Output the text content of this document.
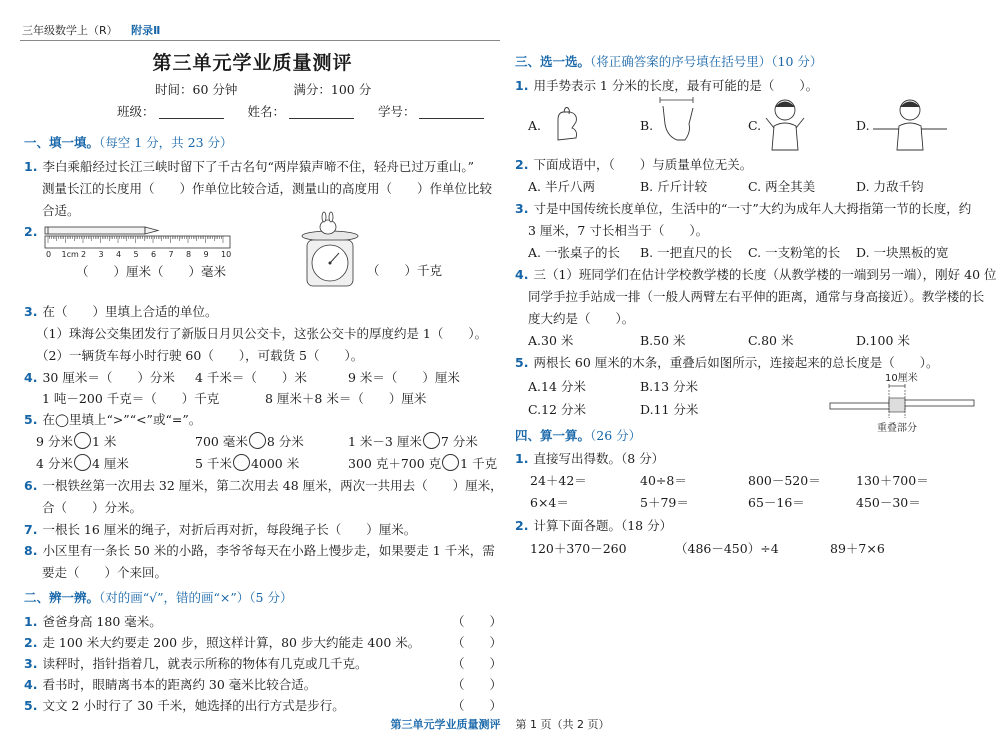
三年级数学上（R） 附录Ⅱ
第三单元学业质量测评
时间：60 分钟	满分：100 分
班级：	姓名：	学号：
一、填一填。（每空 1 分，共 23 分）
1. 李白乘船经过长江三峡时留下了千古名句“两岸猿声啼不住，轻舟已过万重山。”
测量长江的长度用（　　）作单位比较合适，测量山的高度用（　　）作单位比较
合适。
2.
0 1cm 2 3 4 5 6 7 8 9 10
（　　）厘米（　　）毫米	（　　）千克
3. 在（　　）里填上合适的单位。
（1）珠海公交集团发行了新版日月贝公交卡，这张公交卡的厚度约是 1（　　）。
（2）一辆货车每小时行驶 60（　　），可载货 5（　　）。
4. 30 厘米＝（　　）分米 4 千米＝（　　）米	9 米＝（　　）厘米
1 吨－200 千克＝（　　）千克	8 厘米＋8 米＝（　　）厘米
5. 在◯里填上“>”“<”或“=”。
9 分米 1 米	700 毫米 8 分米	1 米－3 厘米 7 分米
4 分米 4 厘米	5 千米 4000 米	300 克＋700 克 1 千克
6. 一根铁丝第一次用去 32 厘米，第二次用去 48 厘米，两次一共用去（　　）厘米，
合（　　）分米。
7. 一根长 16 厘米的绳子，对折后再对折，每段绳子长（　　）厘米。
8. 小区里有一条长 50 米的小路，李爷爷每天在小路上慢步走，如果要走 1 千米，需
要走（　　）个来回。
二、辨一辨。（对的画“√”，错的画“×”）（5 分）
1. 爸爸身高 180 毫米。	（　　）
2. 走 100 米大约要走 200 步，照这样计算，80 步大约能走 400 米。	（　　）
3. 读秤时，指针指着几，就表示所称的物体有几克或几千克。	（　　）
4. 看书时，眼睛离书本的距离约 30 毫米比较合适。	（　　）
5. 文文 2 小时行了 30 千米，她选择的出行方式是步行。	（　　）
三、选一选。（将正确答案的序号填在括号里）（10 分）
1. 用手势表示 1 分米的长度，最有可能的是（　　）。
A.	B.	C.	D.
2. 下面成语中，（　　）与质量单位无关。
A. 半斤八两	B. 斤斤计较	C. 两全其美	D. 力敌千钧
3. 寸是中国传统长度单位，生活中的“一寸”大约为成年人大拇指第一节的长度，约
3 厘米，7 寸长相当于（　　）。
A. 一张桌子的长 B. 一把直尺的长 C. 一支粉笔的长 D. 一块黑板的宽
4. 三（1）班同学们在估计学校教学楼的长度（从教学楼的一端到另一端），刚好 40 位
同学手拉手站成一排（一般人两臂左右平伸的距离，通常与身高接近）。教学楼的长
度大约是（　　）。
A.30 米	B.50 米	C.80 米	D.100 米
5. 两根长 60 厘米的木条，重叠后如图所示，连接起来的总长度是（　　）。
A.14 分米	B.13 分米
C.12 分米	D.11 分米
10厘米
重叠部分
四、算一算。（26 分）
1. 直接写出得数。（8 分）
24＋42＝	40÷8＝	800－520＝	130＋700＝
6×4＝	5＋79＝	65－16＝	450－30＝
2. 计算下面各题。（18 分）
120＋370－260	（486－450）÷4	89＋7×6
第三单元学业质量测评 第 1 页（共 2 页）
